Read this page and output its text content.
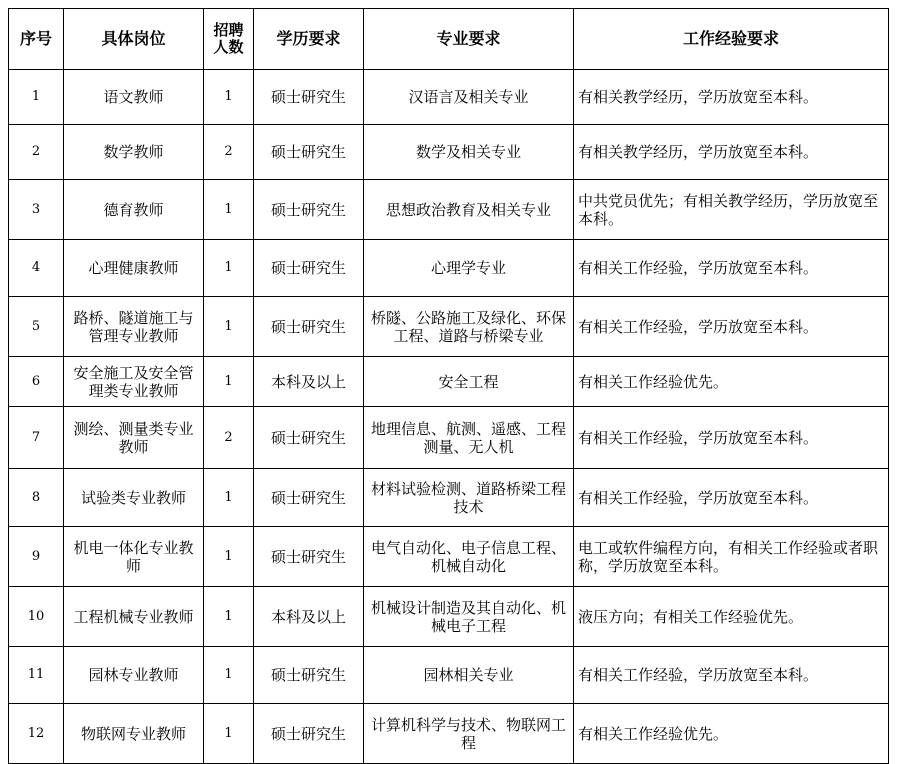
序号	具体岗位	招聘人数	学历要求	专业要求	工作经验要求
1	语文教师	1	硕士研究生	汉语言及相关专业	有相关教学经历，学历放宽至本科。
2	数学教师	2	硕士研究生	数学及相关专业	有相关教学经历，学历放宽至本科。
3	德育教师	1	硕士研究生	思想政治教育及相关专业	中共党员优先；有相关教学经历，学历放宽至本科。
4	心理健康教师	1	硕士研究生	心理学专业	有相关工作经验，学历放宽至本科。
5	路桥、隧道施工与管理专业教师	1	硕士研究生	桥隧、公路施工及绿化、环保工程、道路与桥梁专业	有相关工作经验，学历放宽至本科。
6	安全施工及安全管理类专业教师	1	本科及以上	安全工程	有相关工作经验优先。
7	测绘、测量类专业教师	2	硕士研究生	地理信息、航测、遥感、工程测量、无人机	有相关工作经验，学历放宽至本科。
8	试验类专业教师	1	硕士研究生	材料试验检测、道路桥梁工程技术	有相关工作经验，学历放宽至本科。
9	机电一体化专业教师	1	硕士研究生	电气自动化、电子信息工程、机械自动化	电工或软件编程方向，有相关工作经验或者职称，学历放宽至本科。
10	工程机械专业教师	1	本科及以上	机械设计制造及其自动化、机械电子工程	液压方向；有相关工作经验优先。
11	园林专业教师	1	硕士研究生	园林相关专业	有相关工作经验，学历放宽至本科。
12	物联网专业教师	1	硕士研究生	计算机科学与技术、物联网工程	有相关工作经验优先。
